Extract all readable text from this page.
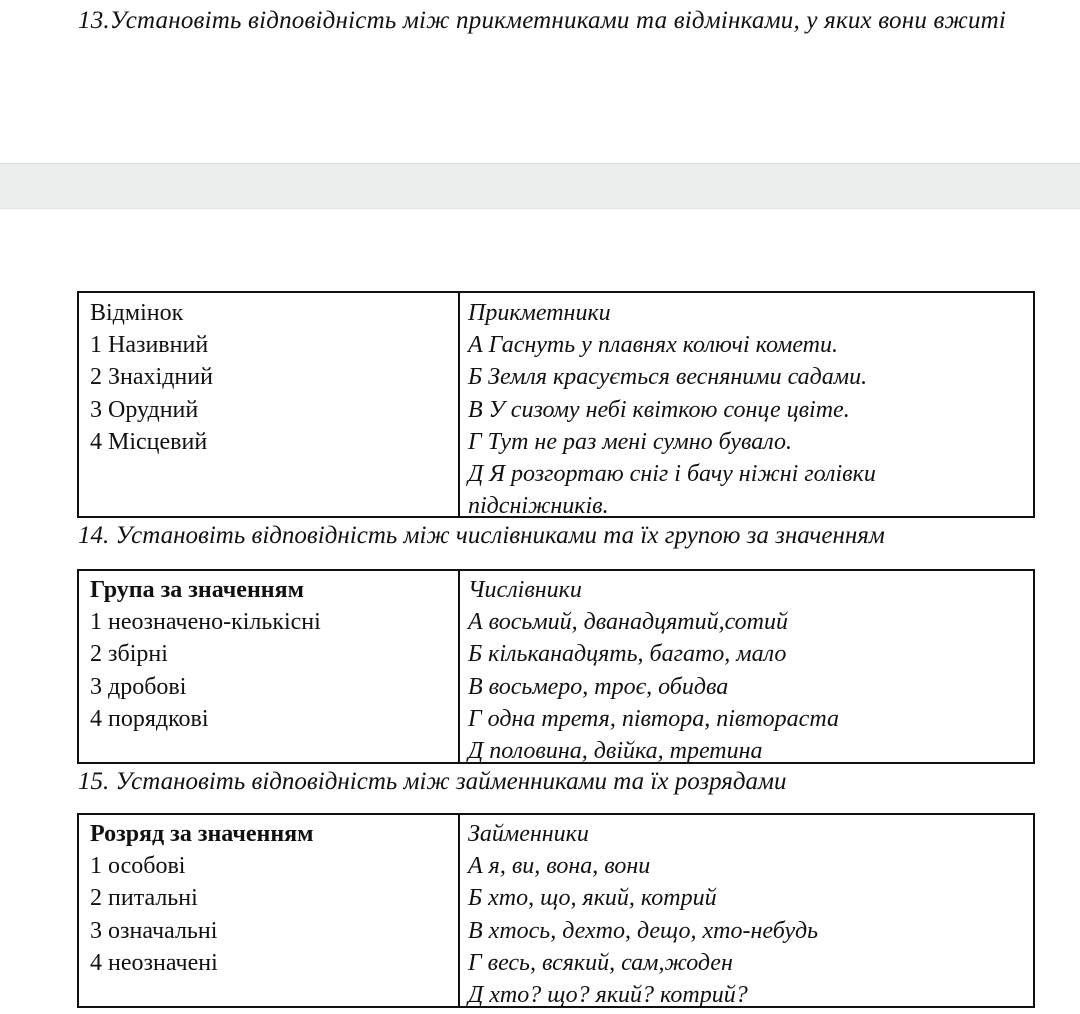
13.Установіть відповідність між прикметниками та відмінками, у яких вони вжиті
Відмінок
1 Називний
2 Знахідний
3 Орудний
4 Місцевий
Прикметники
А Гаснуть у плавнях колючі комети.
Б Земля красується весняними садами.
В У сизому небі квіткою сонце цвіте.
Г Тут не раз мені сумно бувало.
Д Я розгортаю сніг і бачу ніжні голівки
підсніжників.
14. Установіть відповідність між числівниками та їх групою за значенням
Група за значенням
1 неозначено-кількісні
2 збірні
3 дробові
4 порядкові
Числівники
А восьмий, дванадцятий,сотий
Б кільканадцять, багато, мало
В восьмеро, троє, обидва
Г одна третя, півтора, півтораста
Д половина, двійка, третина
15. Установіть відповідність між займенниками та їх розрядами
Розряд за значенням
1 особові
2 питальні
3 означальні
4 неозначені
Займенники
А я, ви, вона, вони
Б хто, що, який, котрий
В хтось, дехто, дещо, хто-небудь
Г весь, всякий, сам,жоден
Д хто? що? який? котрий?
